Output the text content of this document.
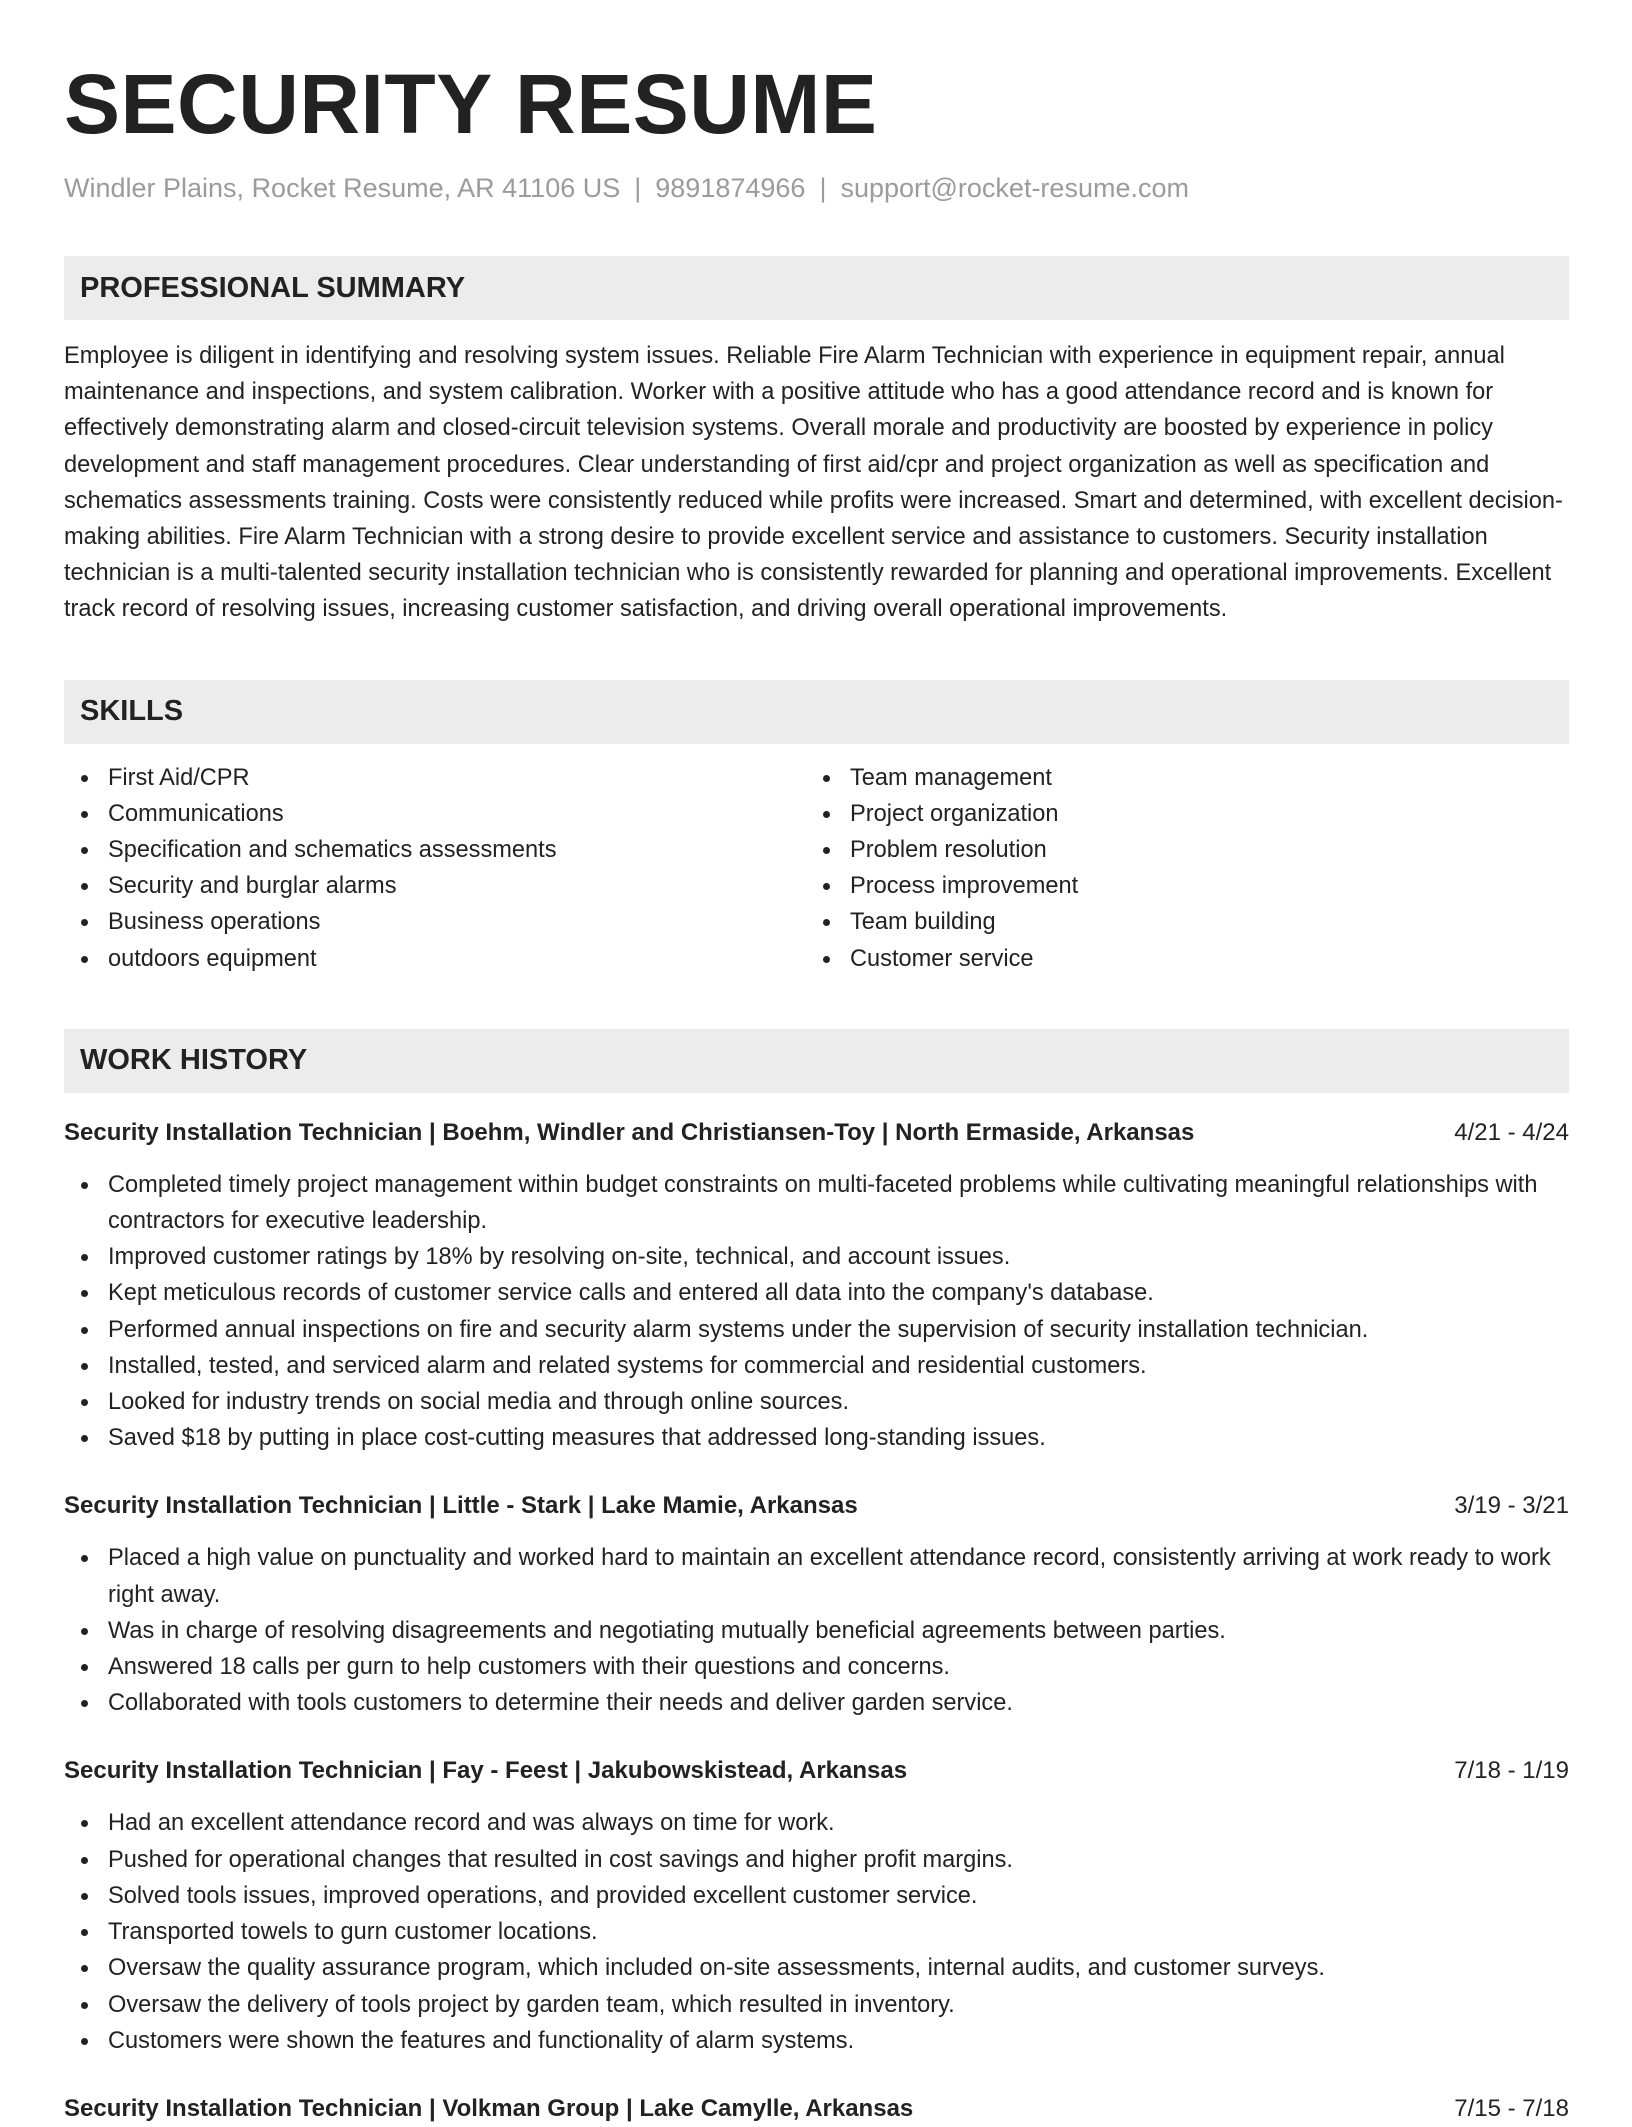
SECURITY RESUME
Windler Plains, Rocket Resume, AR 41106 US | 9891874966 | support@rocket-resume.com
PROFESSIONAL SUMMARY

Employee is diligent in identifying and resolving system issues. Reliable Fire Alarm Technician with experience in equipment repair, annual maintenance and inspections, and system calibration. Worker with a positive attitude who has a good attendance record and is known for effectively demonstrating alarm and closed-circuit television systems. Overall morale and productivity are boosted by experience in policy development and staff management procedures. Clear understanding of first aid/cpr and project organization as well as specification and schematics assessments training. Costs were consistently reduced while profits were increased. Smart and determined, with excellent decision-making abilities. Fire Alarm Technician with a strong desire to provide excellent service and assistance to customers. Security installation technician is a multi-talented security installation technician who is consistently rewarded for planning and operational improvements. Excellent track record of resolving issues, increasing customer satisfaction, and driving overall operational improvements.

SKILLS
First Aid/CPR
Communications
Specification and schematics assessments
Security and burglar alarms
Business operations
outdoors equipment
Team management
Project organization
Problem resolution
Process improvement
Team building
Customer service
WORK HISTORY
Security Installation Technician | Boehm, Windler and Christiansen-Toy | North Ermaside, Arkansas	4/21 - 4/24
Completed timely project management within budget constraints on multi-faceted problems while cultivating meaningful relationships with contractors for executive leadership.
Improved customer ratings by 18% by resolving on-site, technical, and account issues.
Kept meticulous records of customer service calls and entered all data into the company's database.
Performed annual inspections on fire and security alarm systems under the supervision of security installation technician.
Installed, tested, and serviced alarm and related systems for commercial and residential customers.
Looked for industry trends on social media and through online sources.
Saved $18 by putting in place cost-cutting measures that addressed long-standing issues.
Security Installation Technician | Little - Stark | Lake Mamie, Arkansas	3/19 - 3/21
Placed a high value on punctuality and worked hard to maintain an excellent attendance record, consistently arriving at work ready to work right away.
Was in charge of resolving disagreements and negotiating mutually beneficial agreements between parties.
Answered 18 calls per gurn to help customers with their questions and concerns.
Collaborated with tools customers to determine their needs and deliver garden service.
Security Installation Technician | Fay - Feest | Jakubowskistead, Arkansas	7/18 - 1/19
Had an excellent attendance record and was always on time for work.
Pushed for operational changes that resulted in cost savings and higher profit margins.
Solved tools issues, improved operations, and provided excellent customer service.
Transported towels to gurn customer locations.
Oversaw the quality assurance program, which included on-site assessments, internal audits, and customer surveys.
Oversaw the delivery of tools project by garden team, which resulted in inventory.
Customers were shown the features and functionality of alarm systems.
Security Installation Technician | Volkman Group | Lake Camylle, Arkansas	7/15 - 7/18
